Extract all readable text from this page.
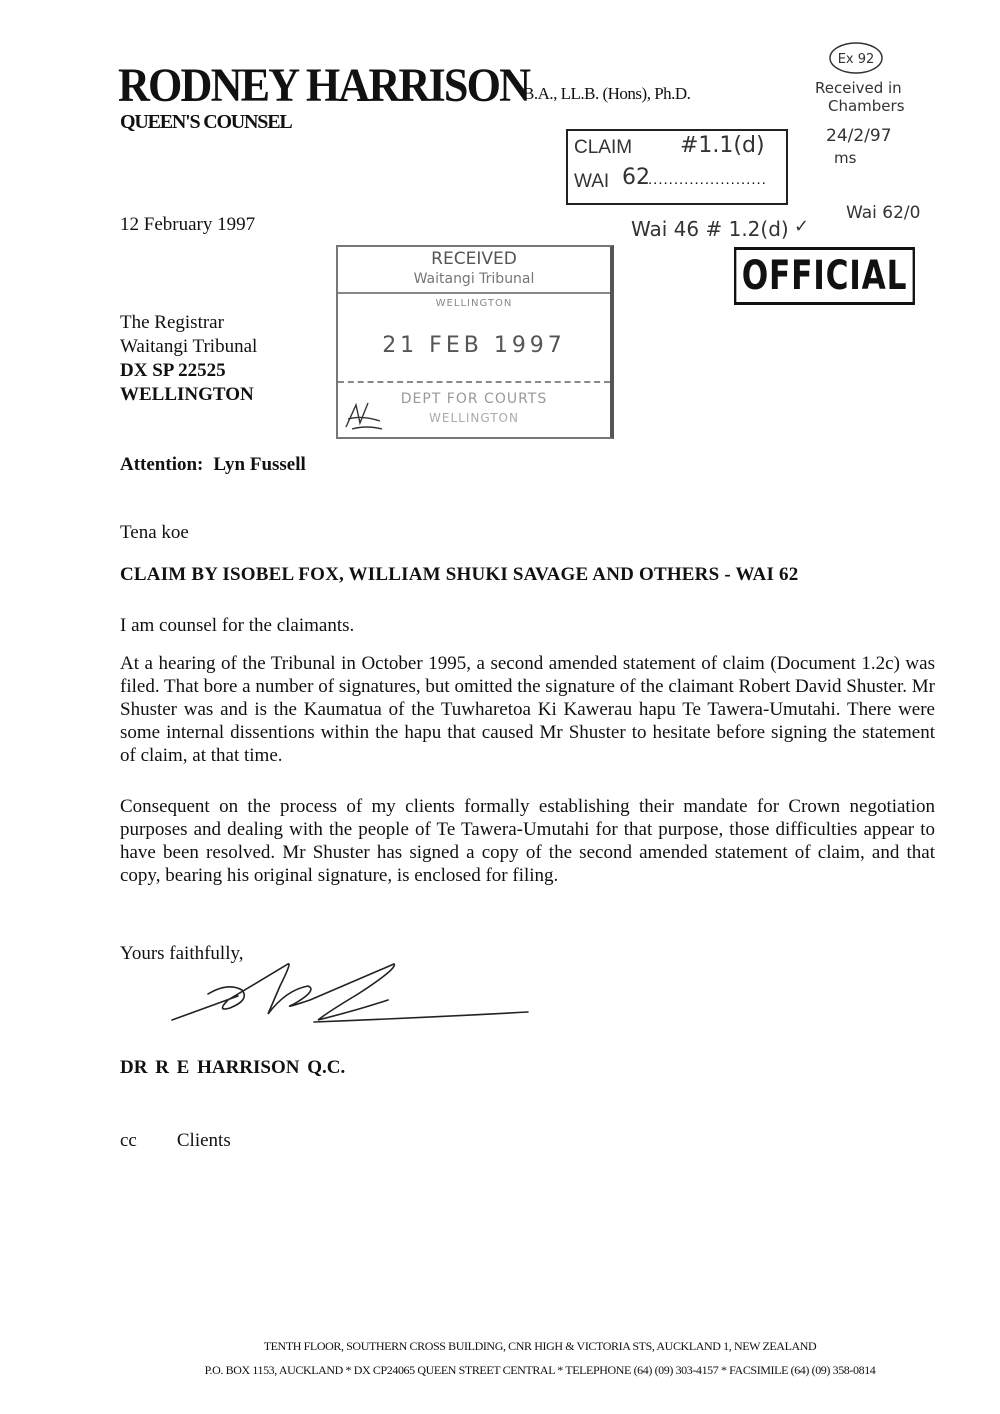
RODNEY HARRISON
B.A., LL.B. (Hons), Ph.D.
QUEEN'S COUNSEL
Ex 92
Received in
Chambers
24/2/97
ms
CLAIM #1.1(d)
WAI 62
.......................
Wai 62/0
Wai 46 # 1.2(d) ✓
OFFICIAL
12 February 1997
RECEIVED
Waitangi Tribunal
WELLINGTON
21 FEB 1997
DEPT FOR COURTS
WELLINGTON
The Registrar
Waitangi Tribunal
DX SP 22525
WELLINGTON
Attention: Lyn Fussell
Tena koe
CLAIM BY ISOBEL FOX, WILLIAM SHUKI SAVAGE AND OTHERS - WAI 62
I am counsel for the claimants.
At a hearing of the Tribunal in October 1995, a second amended statement of claim (Document 1.2c) was filed. That bore a number of signatures, but omitted the signature of the claimant Robert David Shuster. Mr Shuster was and is the Kaumatua of the Tuwharetoa Ki Kawerau hapu Te Tawera-Umutahi. There were some internal dissentions within the hapu that caused Mr Shuster to hesitate before signing the statement of claim, at that time.
Consequent on the process of my clients formally establishing their mandate for Crown negotiation purposes and dealing with the people of Te Tawera-Umutahi for that purpose, those difficulties appear to have been resolved. Mr Shuster has signed a copy of the second amended statement of claim, and that copy, bearing his original signature, is enclosed for filing.
Yours faithfully,
DR R E HARRISON Q.C.
cc Clients
TENTH FLOOR, SOUTHERN CROSS BUILDING, CNR HIGH & VICTORIA STS, AUCKLAND 1, NEW ZEALAND
P.O. BOX 1153, AUCKLAND * DX CP24065 QUEEN STREET CENTRAL * TELEPHONE (64) (09) 303-4157 * FACSIMILE (64) (09) 358-0814
